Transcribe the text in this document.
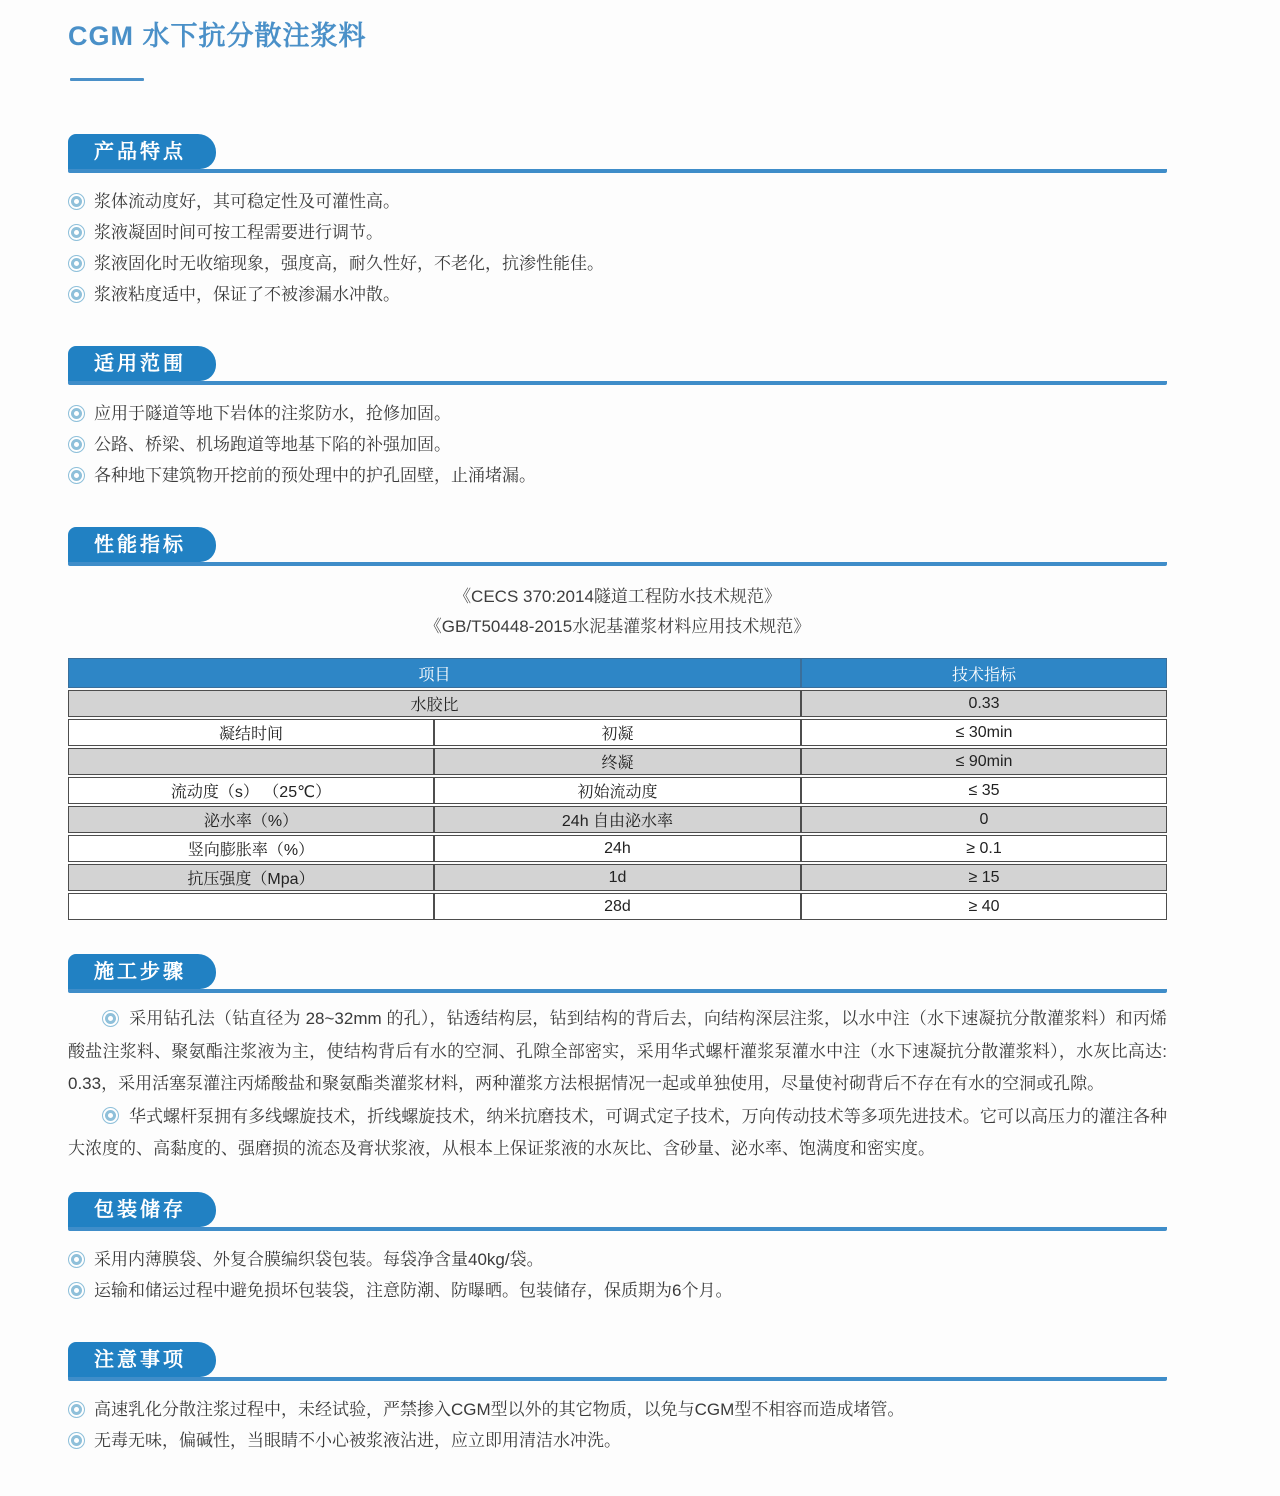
CGM 水下抗分散注浆料
产品特点
浆体流动度好，其可稳定性及可灌性高。
浆液凝固时间可按工程需要进行调节。
浆液固化时无收缩现象，强度高，耐久性好，不老化，抗渗性能佳。
浆液粘度适中，保证了不被渗漏水冲散。
适用范围
应用于隧道等地下岩体的注浆防水，抢修加固。
公路、桥梁、机场跑道等地基下陷的补强加固。
各种地下建筑物开挖前的预处理中的护孔固壁，止涌堵漏。
性能指标
《CECS 370:2014隧道工程防水技术规范》
《GB/T50448-2015水泥基灌浆材料应用技术规范》
项目		技术指标
水胶比		0.33
凝结时间	初凝	≤ 30min
	终凝	≤ 90min
流动度（s） （25℃）	初始流动度	≤ 35
泌水率（%）	24h 自由泌水率	0
竖向膨胀率（%）	24h	≥ 0.1
抗压强度（Mpa）	1d	≥ 15
	28d	≥ 40
施工步骤

采用钻孔法（钻直径为 28~32mm 的孔），钻透结构层，钻到结构的背后去，向结构深层注浆，以水中注（水下速凝抗分散灌浆料）和丙烯酸盐注浆料、聚氨酯注浆液为主，使结构背后有水的空洞、孔隙全部密实，采用华式螺杆灌浆泵灌水中注（水下速凝抗分散灌浆料），水灰比高达: 0.33，采用活塞泵灌注丙烯酸盐和聚氨酯类灌浆材料，两种灌浆方法根据情况一起或单独使用，尽量使衬砌背后不存在有水的空洞或孔隙。

华式螺杆泵拥有多线螺旋技术，折线螺旋技术，纳米抗磨技术，可调式定子技术，万向传动技术等多项先进技术。它可以高压力的灌注各种大浓度的、高黏度的、强磨损的流态及膏状浆液，从根本上保证浆液的水灰比、含砂量、泌水率、饱满度和密实度。

包装储存
采用内薄膜袋、外复合膜编织袋包装。每袋净含量40kg/袋。
运输和储运过程中避免损坏包装袋，注意防潮、防曝晒。包装储存，保质期为6个月。
注意事项
高速乳化分散注浆过程中，未经试验，严禁掺入CGM型以外的其它物质，以免与CGM型不相容而造成堵管。
无毒无味，偏碱性，当眼睛不小心被浆液沾进，应立即用清洁水冲洗。
